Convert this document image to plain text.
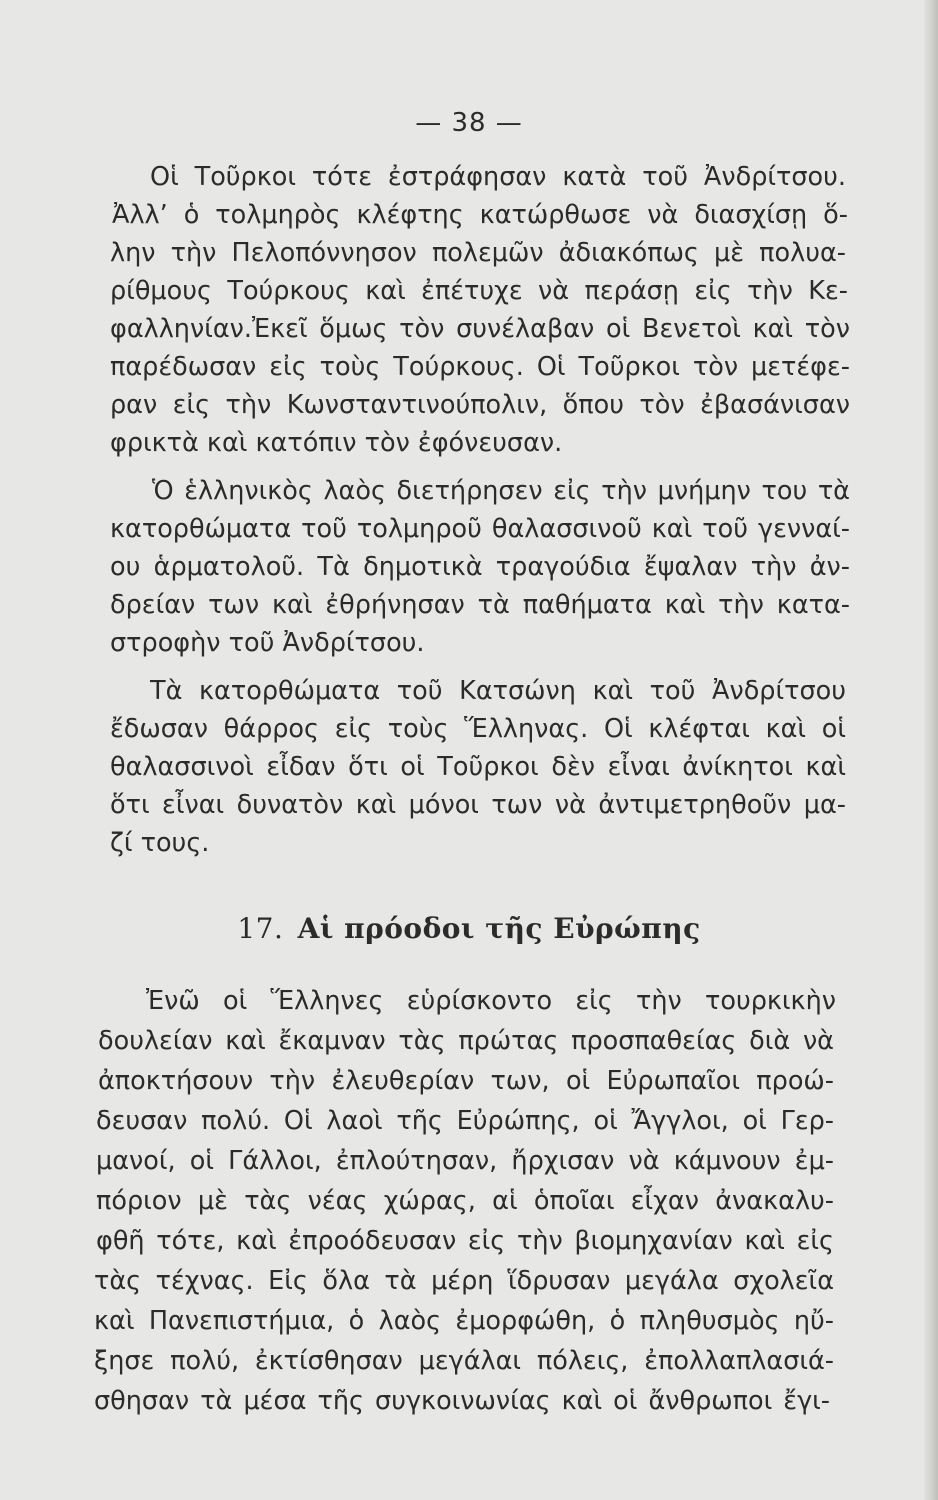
— 38 —
Οἱ Τοῦρκοι τότε ἐστράφησαν κατὰ τοῦ Ἀνδρίτσου.
Ἀλλ’ ὁ τολμηρὸς κλέφτης κατώρθωσε νὰ διασχίσῃ ὅ-
λην τὴν Πελοπόννησον πολεμῶν ἀδιακόπως μὲ πολυα-
ρίθμους Τούρκους καὶ ἐπέτυχε νὰ περάσῃ εἰς τὴν Κε-
φαλληνίαν.Ἐκεῖ ὅμως τὸν συνέλαβαν οἱ Βενετοὶ καὶ τὸν
παρέδωσαν εἰς τοὺς Τούρκους. Οἱ Τοῦρκοι τὸν μετέφε-
ραν εἰς τὴν Κωνσταντινούπολιν, ὅπου τὸν ἐβασάνισαν
φρικτὰ καὶ κατόπιν τὸν ἐφόνευσαν.
Ὁ ἑλληνικὸς λαὸς διετήρησεν εἰς τὴν μνήμην του τὰ
κατορθώματα τοῦ τολμηροῦ θαλασσινοῦ καὶ τοῦ γενναί-
ου ἁρματολοῦ. Τὰ δημοτικὰ τραγούδια ἔψαλαν τὴν ἀν-
δρείαν των καὶ ἐθρήνησαν τὰ παθήματα καὶ τὴν κατα-
στροφὴν τοῦ Ἀνδρίτσου.
Τὰ κατορθώματα τοῦ Κατσώνη καὶ τοῦ Ἀνδρίτσου
ἔδωσαν θάρρος εἰς τοὺς Ἕλληνας. Οἱ κλέφται καὶ οἱ
θαλασσινοὶ εἶδαν ὅτι οἱ Τοῦρκοι δὲν εἶναι ἀνίκητοι καὶ
ὅτι εἶναι δυνατὸν καὶ μόνοι των νὰ ἀντιμετρηθοῦν μα-
ζί τους.
17. Αἱ πρόοδοι τῆς Εὐρώπης
Ἐνῶ οἱ Ἕλληνες εὑρίσκοντο εἰς τὴν τουρκικὴν
δουλείαν καὶ ἔκαμναν τὰς πρώτας προσπαθείας διὰ νὰ
ἀποκτήσουν τὴν ἐλευθερίαν των, οἱ Εὐρωπαῖοι προώ-
δευσαν πολύ. Οἱ λαοὶ τῆς Εὐρώπης, οἱ Ἄγγλοι, οἱ Γερ-
μανοί, οἱ Γάλλοι, ἐπλούτησαν, ἤρχισαν νὰ κάμνουν ἐμ-
πόριον μὲ τὰς νέας χώρας, αἱ ὁποῖαι εἶχαν ἀνακαλυ-
φθῆ τότε, καὶ ἐπροόδευσαν εἰς τὴν βιομηχανίαν καὶ εἰς
τὰς τέχνας. Εἰς ὅλα τὰ μέρη ἵδρυσαν μεγάλα σχολεῖα
καὶ Πανεπιστήμια, ὁ λαὸς ἐμορφώθη, ὁ πληθυσμὸς ηὔ-
ξησε πολύ, ἐκτίσθησαν μεγάλαι πόλεις, ἐπολλαπλασιά-
σθησαν τὰ μέσα τῆς συγκοινωνίας καὶ οἱ ἄνθρωποι ἔγι-
